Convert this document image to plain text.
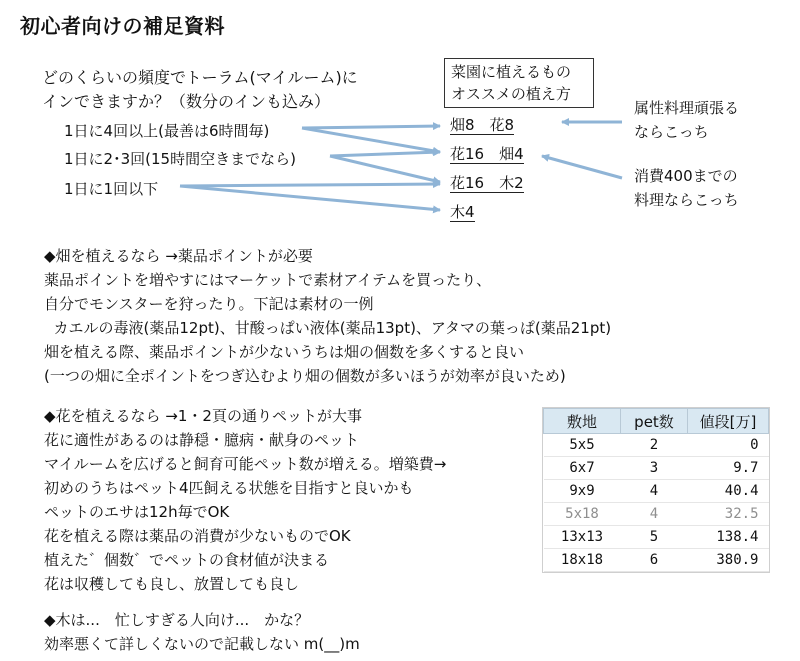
初心者向けの補足資料
どのくらいの頻度でトーラム(マイルーム)に
インできますか？（数分のインも込み）
1日に4回以上(最善は6時間毎)
1日に2･3回(15時間空きまでなら)
1日に1回以下
菜園に植えるもの
オススメの植え方
畑8　花8
花16　畑4
花16　木2
木4
属性料理頑張る
ならこっち
消費400までの
料理ならこっち
◆畑を植えるなら →薬品ポイントが必要
薬品ポイントを増やすにはマーケットで素材アイテムを買ったり、
自分でモンスターを狩ったり。下記は素材の一例
カエルの毒液(薬品12pt)、甘酸っぱい液体(薬品13pt)、アタマの葉っぱ(薬品21pt)
畑を植える際、薬品ポイントが少ないうちは畑の個数を多くすると良い
(一つの畑に全ポイントをつぎ込むより畑の個数が多いほうが効率が良いため)
◆花を植えるなら →1・2頁の通りペットが大事
花に適性があるのは静穏・臆病・献身のペット
マイルームを広げると飼育可能ペット数が増える。増築費→
初めのうちはペット4匹飼える状態を目指すと良いかも
ペットのエサは12h毎でOK
花を植える際は薬品の消費が少ないものでOK
植えた゛個数゛でペットの食材値が決まる
花は収穫しても良し、放置しても良し
◆木は...　忙しすぎる人向け...　かな？
効率悪くて詳しくないので記載しない m(__)m
敷地	pet数	値段[万]
5x5	2	0
6x7	3	9.7
9x9	4	40.4
5x18	4	32.5
13x13	5	138.4
18x18	6	380.9
